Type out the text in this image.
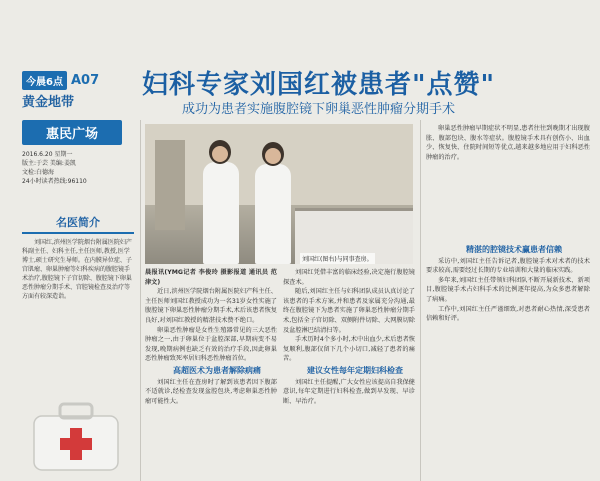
今晨6点 A07
黄金地带
惠民广场
2016.6.20 星期一
版主:于芸 美编:姜凯
文检:白德海
24小时读者热线:96110
妇科专家刘国红被患者"点赞"
成功为患者实施腹腔镜下卵巢恶性肿瘤分期手术
刘国红(图右)与同事查房。
名医简介

刘国红,滨州医学院烟台附属医院妇产科副主任、妇科主任,主任医师,教授,医学博士,硕士研究生导师。在内膜异位症、子宫肌瘤、卵巢肿瘤等妇科疾病的腹腔镜手术治疗,腹腔镜下子宫切除、腹腔镜下卵巢恶性肿瘤分期手术、宫腔镜检查及治疗等方面有较深造诣。

晨报讯(YMG记者 李俊玲 摄影报道 通讯员 范津文)

近日,滨州医学院烟台附属医院妇产科主任、主任医师刘国红教授成功为一名31岁女性实施了腹腔镜下卵巢恶性肿瘤分期手术,术后该患者恢复良好,对刘国红教授的精湛技术赞不绝口。

卵巢恶性肿瘤是女性生殖器常见的三大恶性肿瘤之一,由于卵巢位于盆腔深部,早期病变不易发现,晚期病例也缺乏有效的治疗手段,因此卵巢恶性肿瘤致死率居妇科恶性肿瘤首位。

高超医术为患者解除病痛

刘国红主任在查房时了解到该患者因下腹部不适就诊,经检查发现盆腔包块,考虑卵巢恶性肿瘤可能性大。

刘国红凭借丰富的临床经验,决定施行腹腔镜探查术。

随后,刘国红主任与妇科团队成员认真讨论了该患者的手术方案,并和患者及家属充分沟通,最终在腹腔镜下为患者实施了卵巢恶性肿瘤分期手术,包括全子宫切除、双侧附件切除、大网膜切除及盆腔淋巴结清扫等。

手术历时4个多小时,术中出血少,术后患者恢复顺利,腹部仅留下几个小切口,减轻了患者的痛苦。

建议女性每年定期妇科检查

刘国红主任提醒,广大女性应该提高自我保健意识,每年定期进行妇科检查,做到早发现、早诊断、早治疗。

卵巢恶性肿瘤早期症状不明显,患者往往到晚期才出现腹胀、腹部包块、腹水等症状。腹腔镜手术具有创伤小、出血少、恢复快、住院时间短等优点,越来越多地应用于妇科恶性肿瘤的治疗。

精湛的腔镜技术赢患者信赖

采访中,刘国红主任告诉记者,腹腔镜手术对术者的技术要求较高,需要经过长期的专业培训和大量的临床实践。

多年来,刘国红主任带领妇科团队不断开展新技术、新项目,腹腔镜手术占妇科手术的比例逐年提高,为众多患者解除了病痛。

工作中,刘国红主任严谨细致,对患者耐心热情,深受患者信赖和好评。
